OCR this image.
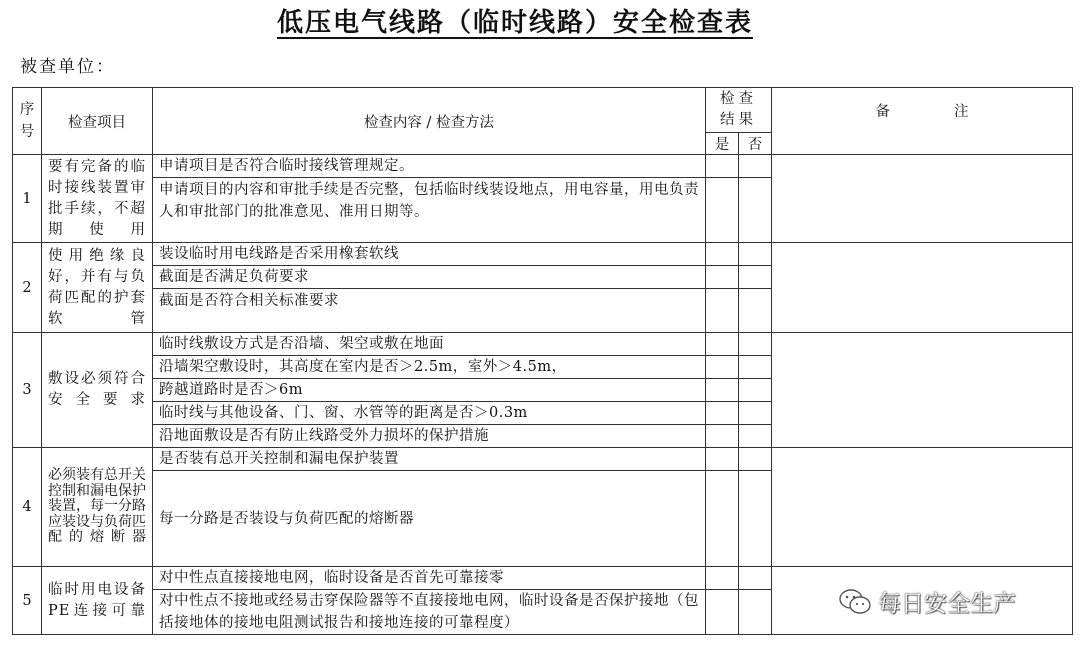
低压电气线路（临时线路）安全检查表
被查单位：
序号	检查项目	检查内容 / 检查方法	检查结果		备 注
			是	否	
1	要有完备的临时接线装置审批手续，不超期使用	申请项目是否符合临时接线管理规定。			
		申请项目的内容和审批手续是否完整，包括临时线装设地点，用电容量，用电负责人和审批部门的批准意见、准用日期等。			
2	使用绝缘良好，并有与负荷匹配的护套软管	装设临时用电线路是否采用橡套软线			
		截面是否满足负荷要求			
		截面是否符合相关标准要求			
3	敷设必须符合安全要求	临时线敷设方式是否沿墙、架空或敷在地面			
		沿墙架空敷设时，其高度在室内是否＞2.5m，室外＞4.5m，			
		跨越道路时是否＞6m			
		临时线与其他设备、门、窗、水管等的距离是否＞0.3m			
		沿地面敷设是否有防止线路受外力损坏的保护措施			
4	必须装有总开关控制和漏电保护装置，每一分路应装设与负荷匹配的熔断器	是否装有总开关控制和漏电保护装置			
		每一分路是否装设与负荷匹配的熔断器			
5	临时用电设备PE连接可靠	对中性点直接接地电网，临时设备是否首先可靠接零			
		对中性点不接地或经易击穿保险器等不直接接地电网，临时设备是否保护接地（包括接地体的接地电阻测试报告和接地连接的可靠程度）			
每日安全生产
